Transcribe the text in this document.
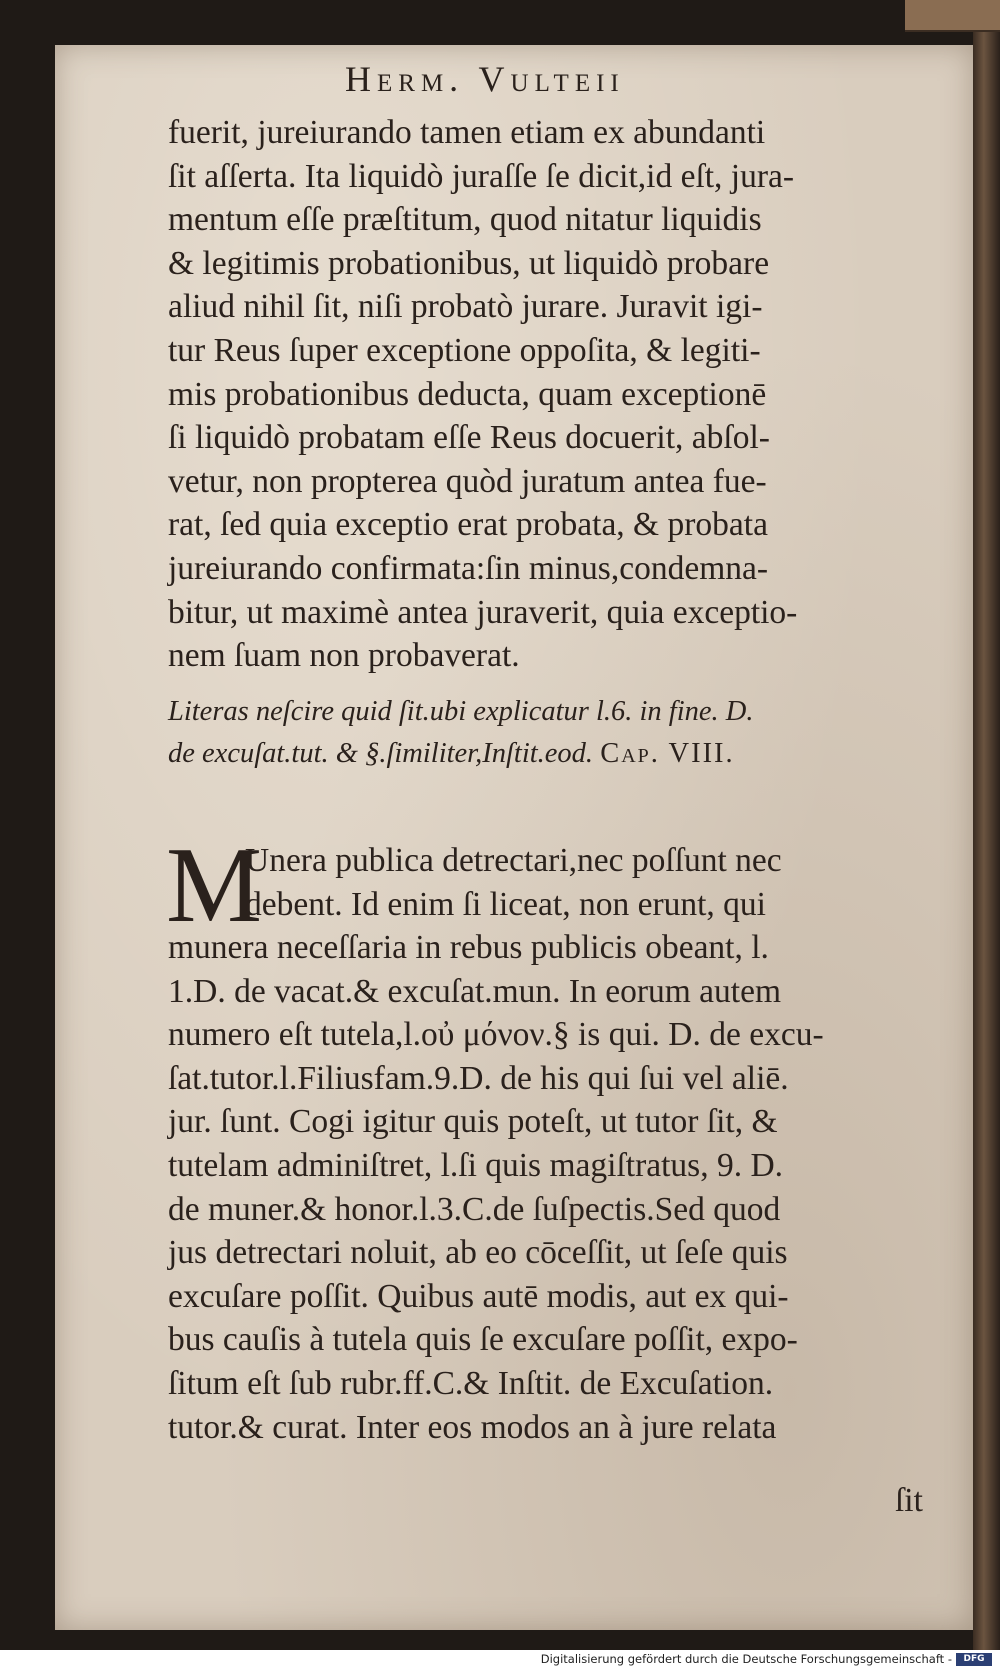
Herm. Vulteii
fuerit, jureiurando tamen etiam ex abundanti
ſit aſſerta. Ita liquidò juraſſe ſe dicit,id eſt, jura-
mentum eſſe præſtitum, quod nitatur liquidis
& legitimis probationibus, ut liquidò probare
aliud nihil ſit, niſi probatò jurare. Juravit igi-
tur Reus ſuper exceptione oppoſita, & legiti-
mis probationibus deducta, quam exceptionē
ſi liquidò probatam eſſe Reus docuerit, abſol-
vetur, non propterea quòd juratum antea fue-
rat, ſed quia exceptio erat probata, & probata
jureiurando confirmata:ſin minus,condemna-
bitur, ut maximè antea juraverit, quia exceptio-
nem ſuam non probaverat.
Literas neſcire quid ſit.ubi explicatur l.6. in fine. D.
de excuſat.tut. & §.ſimiliter,Inſtit.eod. Cap. VIII.
M
Unera publica detrectari,nec poſſunt nec
debent. Id enim ſi liceat, non erunt, qui
munera neceſſaria in rebus publicis obeant, l.
1.D. de vacat.& excuſat.mun. In eorum autem
numero eſt tutela,l.οὐ μόνον.§ is qui. D. de excu-
ſat.tutor.l.Filiusfam.9.D. de his qui ſui vel aliē.
jur. ſunt. Cogi igitur quis poteſt, ut tutor ſit, &
tutelam adminiſtret, l.ſi quis magiſtratus, 9. D.
de muner.& honor.l.3.C.de ſuſpectis.Sed quod
jus detrectari noluit, ab eo cōceſſit, ut ſeſe quis
excuſare poſſit. Quibus autē modis, aut ex qui-
bus cauſis à tutela quis ſe excuſare poſſit, expo-
ſitum eſt ſub rubr.ff.C.& Inſtit. de Excuſation.
tutor.& curat. Inter eos modos an à jure relata
ſit
Digitalisierung gefördert durch die Deutsche Forschungsgemeinschaft -	DFG
